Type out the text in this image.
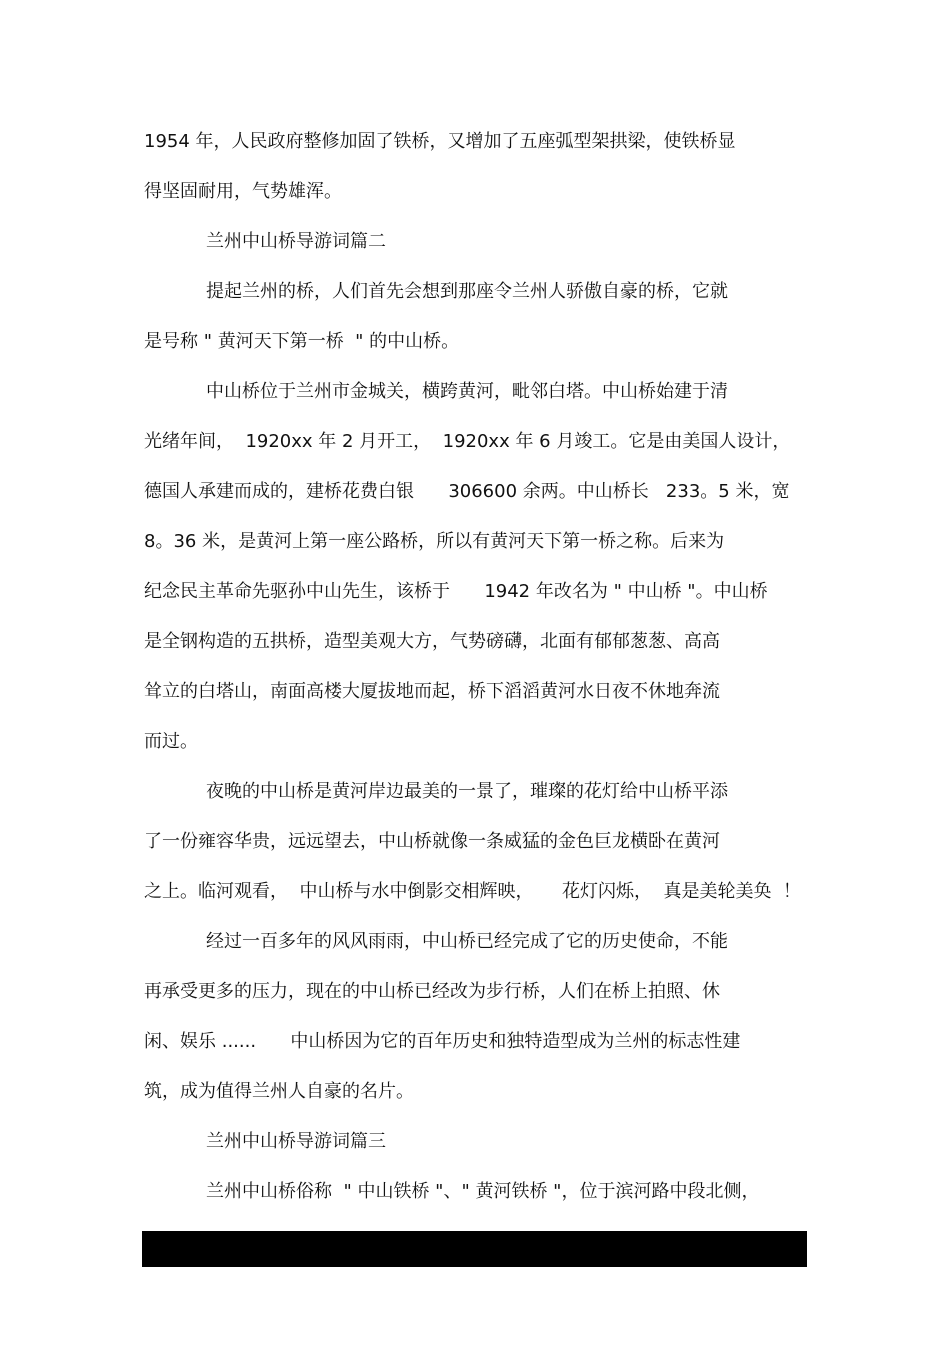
1954 年，人民政府整修加固了铁桥，又增加了五座弧型架拱梁，使铁桥显

得坚固耐用，气势雄浑。

兰州中山桥导游词篇二

提起兰州的桥，人们首先会想到那座令兰州人骄傲自豪的桥，它就

是号称 " 黄河天下第一桥  " 的中山桥。

中山桥位于兰州市金城关，横跨黄河，毗邻白塔。中山桥始建于清

光绪年间，  1920xx 年 2 月开工，  1920xx 年 6 月竣工。它是由美国人设计，

德国人承建而成的，建桥花费白银      306600 余两。中山桥长   233。5 米，宽

8。36 米，是黄河上第一座公路桥，所以有黄河天下第一桥之称。后来为

纪念民主革命先驱孙中山先生，该桥于      1942 年改名为 " 中山桥 "。中山桥

是全钢构造的五拱桥，造型美观大方，气势磅礴，北面有郁郁葱葱、高高

耸立的白塔山，南面高楼大厦拔地而起，桥下滔滔黄河水日夜不休地奔流

而过。

夜晚的中山桥是黄河岸边最美的一景了，璀璨的花灯给中山桥平添

了一份雍容华贵，远远望去，中山桥就像一条威猛的金色巨龙横卧在黄河

之上。临河观看，  中山桥与水中倒影交相辉映，     花灯闪烁，  真是美轮美奂  ！

经过一百多年的风风雨雨，中山桥已经完成了它的历史使命，不能

再承受更多的压力，现在的中山桥已经改为步行桥，人们在桥上拍照、休

闲、娱乐 ......      中山桥因为它的百年历史和独特造型成为兰州的标志性建

筑，成为值得兰州人自豪的名片。

兰州中山桥导游词篇三

兰州中山桥俗称  " 中山铁桥 "、" 黄河铁桥 "，位于滨河路中段北侧，
